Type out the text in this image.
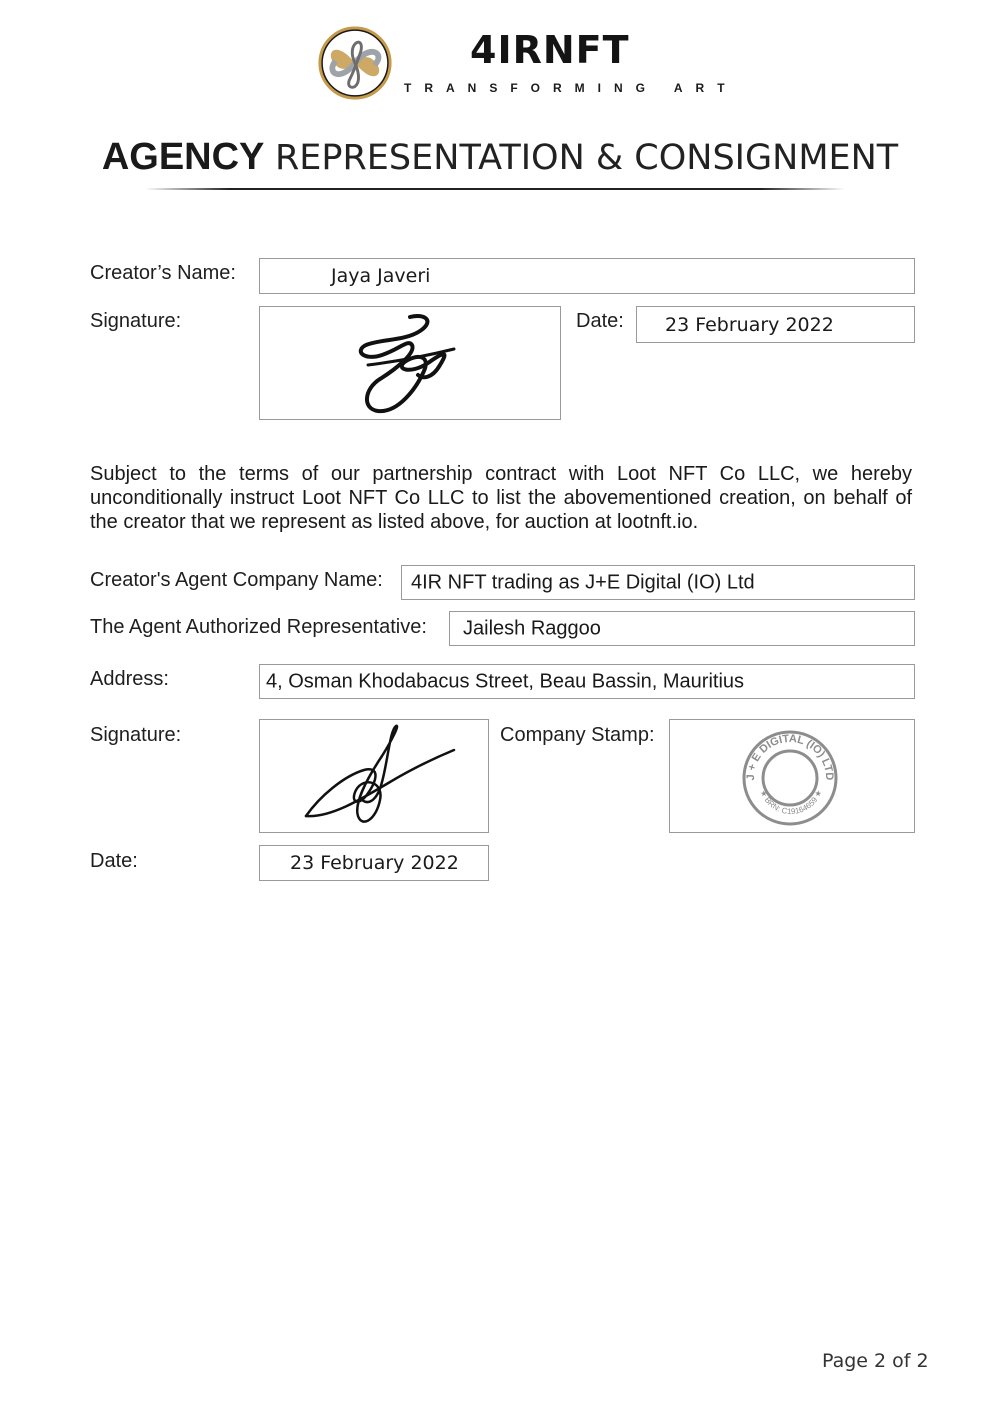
4IRNFT
TRANSFORMING ART
AGENCY REPRESENTATION & CONSIGNMENT
Creator’s Name:	Jaya Javeri
Signature:	Date: 23 February 2022
Subject to the terms of our partnership contract with Loot NFT Co LLC, we hereby unconditionally instruct Loot NFT Co LLC to list the abovementioned creation, on behalf of the creator that we represent as listed above, for auction at lootnft.io.
Creator's Agent Company Name: 4IR NFT trading as J+E Digital (IO) Ltd
The Agent Authorized Representative: Jailesh Raggoo
Address:	4, Osman Khodabacus Street, Beau Bassin, Mauritius
Signature:	Company Stamp:
J + E DIGITAL (IO) LTD
★ BRN: C19164659 ★
Date:	23 February 2022
Page 2 of 2
